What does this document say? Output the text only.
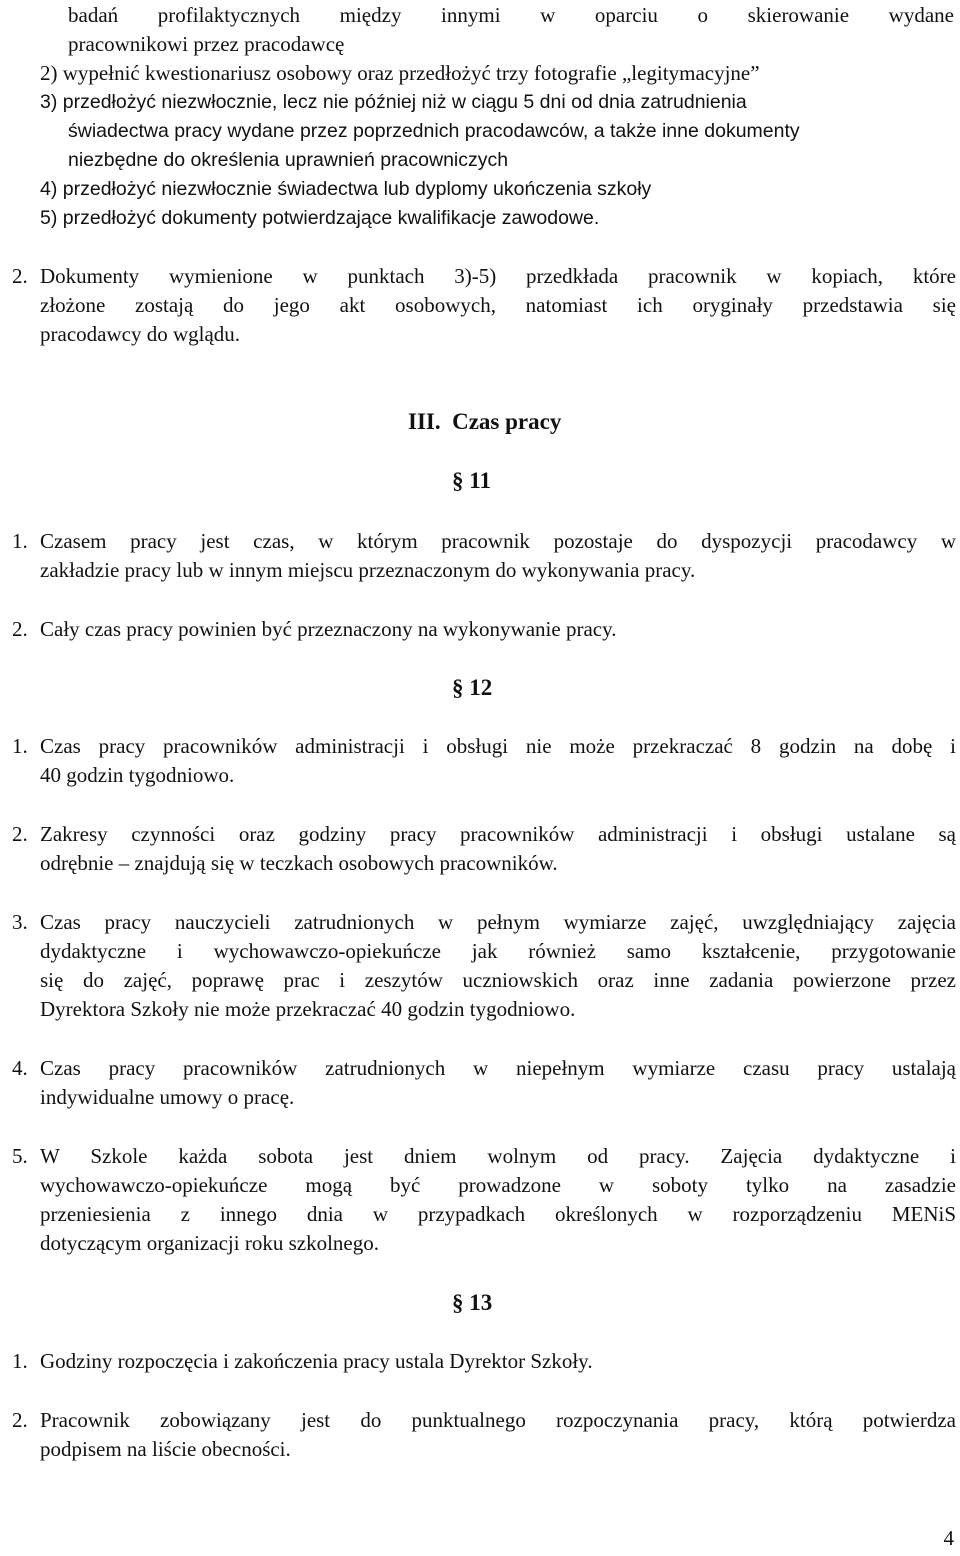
badań profilaktycznych między innymi w oparciu o skierowanie wydane
pracownikowi przez pracodawcę
2) wypełnić kwestionariusz osobowy oraz przedłożyć trzy fotografie „legitymacyjne”
3) przedłożyć niezwłocznie, lecz nie później niż w ciągu 5 dni od dnia zatrudnienia
świadectwa pracy wydane przez poprzednich pracodawców, a także inne dokumenty
niezbędne do określenia uprawnień pracowniczych
4) przedłożyć niezwłocznie świadectwa lub dyplomy ukończenia szkoły
5) przedłożyć dokumenty potwierdzające kwalifikacje zawodowe.
2. Dokumenty wymienione w punktach 3)-5) przedkłada pracownik w kopiach, które
złożone zostają do jego akt osobowych, natomiast ich oryginały przedstawia się
pracodawcy do wglądu.
III.  Czas pracy
§ 11
1. Czasem pracy jest czas, w którym pracownik pozostaje do dyspozycji pracodawcy w
zakładzie pracy lub w innym miejscu przeznaczonym do wykonywania pracy.
2. Cały czas pracy powinien być przeznaczony na wykonywanie pracy.
§ 12
1. Czas pracy pracowników administracji i obsługi nie może przekraczać 8 godzin na dobę i
40 godzin tygodniowo.
2. Zakresy czynności oraz godziny pracy pracowników administracji i obsługi ustalane są
odrębnie – znajdują się w teczkach osobowych pracowników.
3. Czas pracy nauczycieli zatrudnionych w pełnym wymiarze zajęć, uwzględniający zajęcia
dydaktyczne i wychowawczo-opiekuńcze jak również samo kształcenie, przygotowanie
się do zajęć, poprawę prac i zeszytów uczniowskich oraz inne zadania powierzone przez
Dyrektora Szkoły nie może przekraczać 40 godzin tygodniowo.
4. Czas pracy pracowników zatrudnionych w niepełnym wymiarze czasu pracy ustalają
indywidualne umowy o pracę.
5. W Szkole każda sobota jest dniem wolnym od pracy. Zajęcia dydaktyczne i
wychowawczo-opiekuńcze mogą być prowadzone w soboty tylko na zasadzie
przeniesienia z innego dnia w przypadkach określonych w rozporządzeniu MENiS
dotyczącym organizacji roku szkolnego.
§ 13
1. Godziny rozpoczęcia i zakończenia pracy ustala Dyrektor Szkoły.
2. Pracownik zobowiązany jest do punktualnego rozpoczynania pracy, którą potwierdza
podpisem na liście obecności.
4
